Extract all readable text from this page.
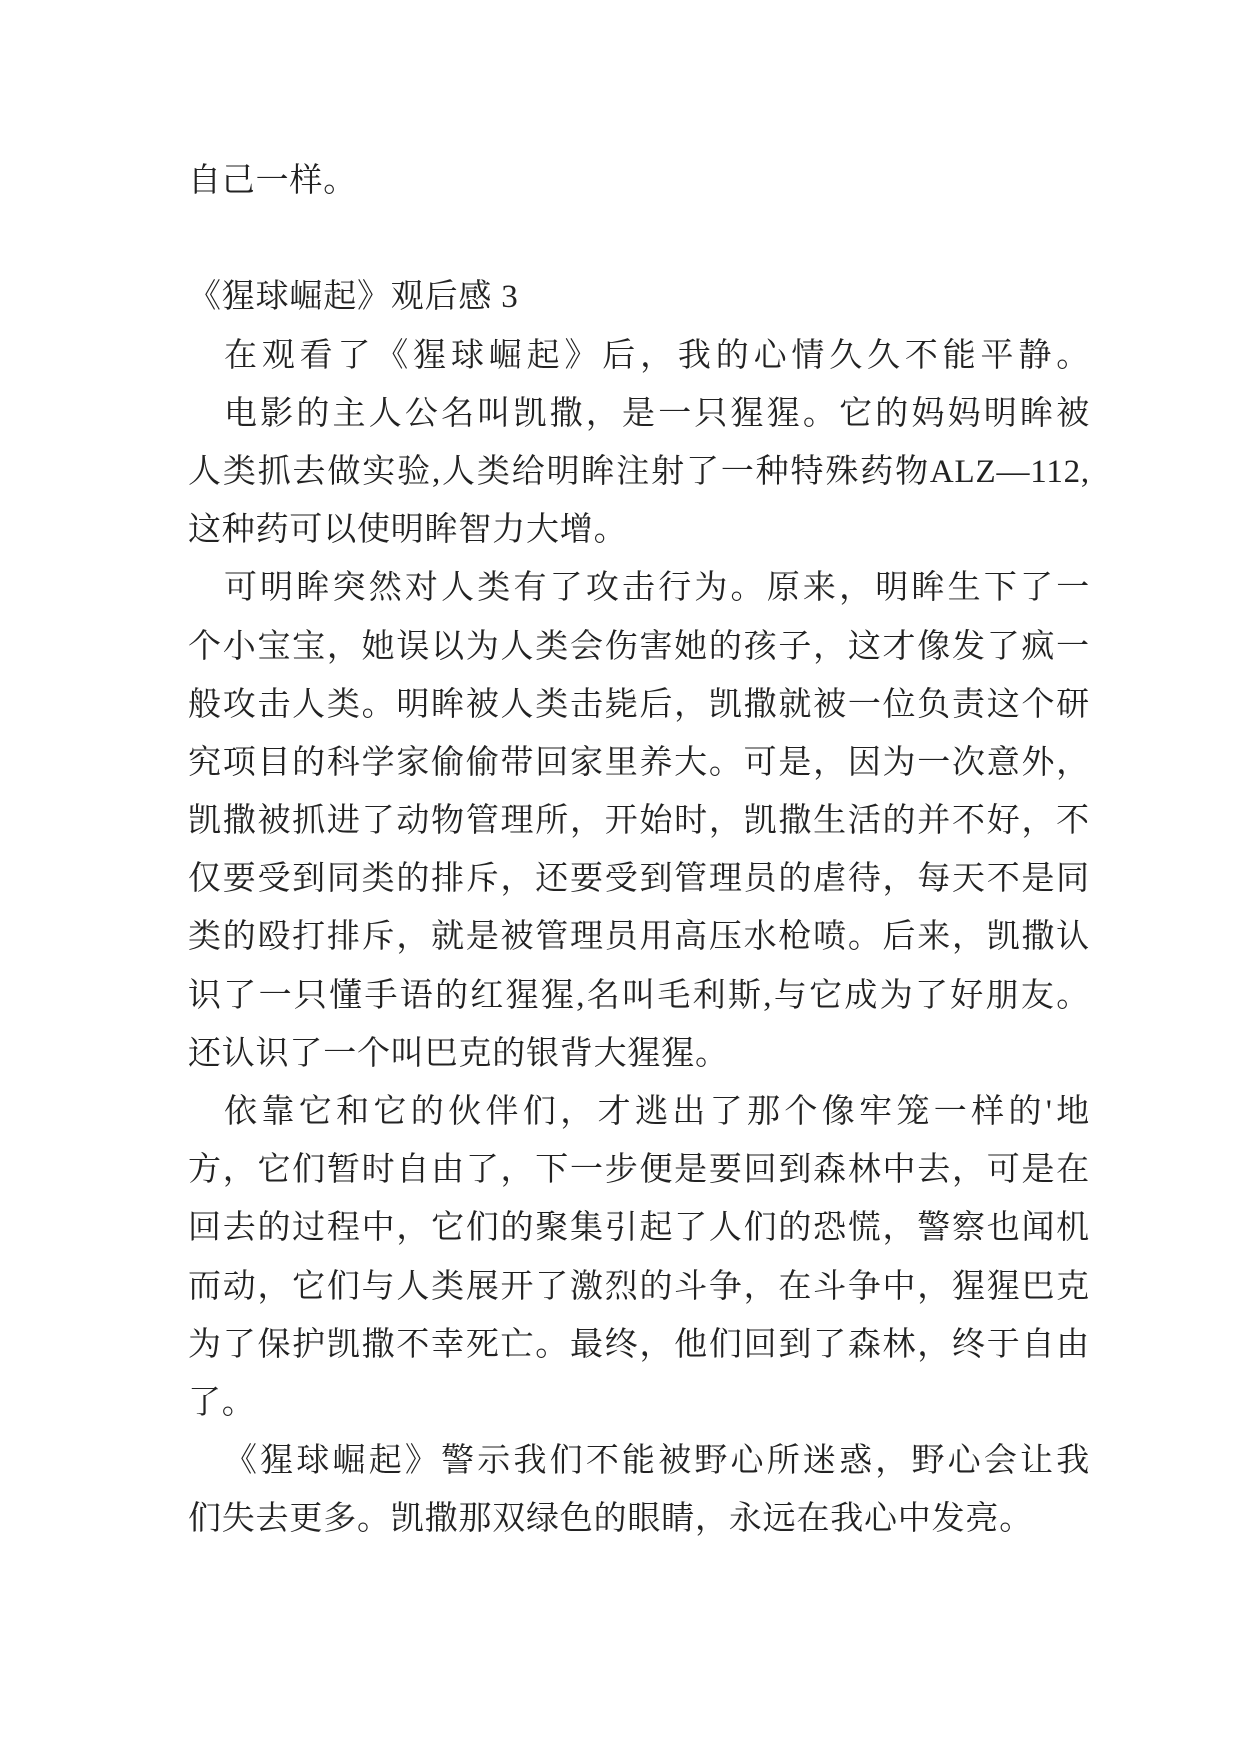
自己一样。
《猩球崛起》观后感 3
在观看了《猩球崛起》后，我的心情久久不能平静。
电影的主人公名叫凯撒，是一只猩猩。它的妈妈明眸被
人类抓去做实验,人类给明眸注射了一种特殊药物ALZ—112,
这种药可以使明眸智力大增。
可明眸突然对人类有了攻击行为。原来，明眸生下了一
个小宝宝，她误以为人类会伤害她的孩子，这才像发了疯一
般攻击人类。明眸被人类击毙后，凯撒就被一位负责这个研
究项目的科学家偷偷带回家里养大。可是，因为一次意外，
凯撒被抓进了动物管理所，开始时，凯撒生活的并不好，不
仅要受到同类的排斥，还要受到管理员的虐待，每天不是同
类的殴打排斥，就是被管理员用高压水枪喷。后来，凯撒认
识了一只懂手语的红猩猩,名叫毛利斯,与它成为了好朋友。
还认识了一个叫巴克的银背大猩猩。
依靠它和它的伙伴们，才逃出了那个像牢笼一样的'地
方，它们暂时自由了，下一步便是要回到森林中去，可是在
回去的过程中，它们的聚集引起了人们的恐慌，警察也闻机
而动，它们与人类展开了激烈的斗争，在斗争中，猩猩巴克
为了保护凯撒不幸死亡。最终，他们回到了森林，终于自由
了。
《猩球崛起》警示我们不能被野心所迷惑，野心会让我
们失去更多。凯撒那双绿色的眼睛，永远在我心中发亮。
